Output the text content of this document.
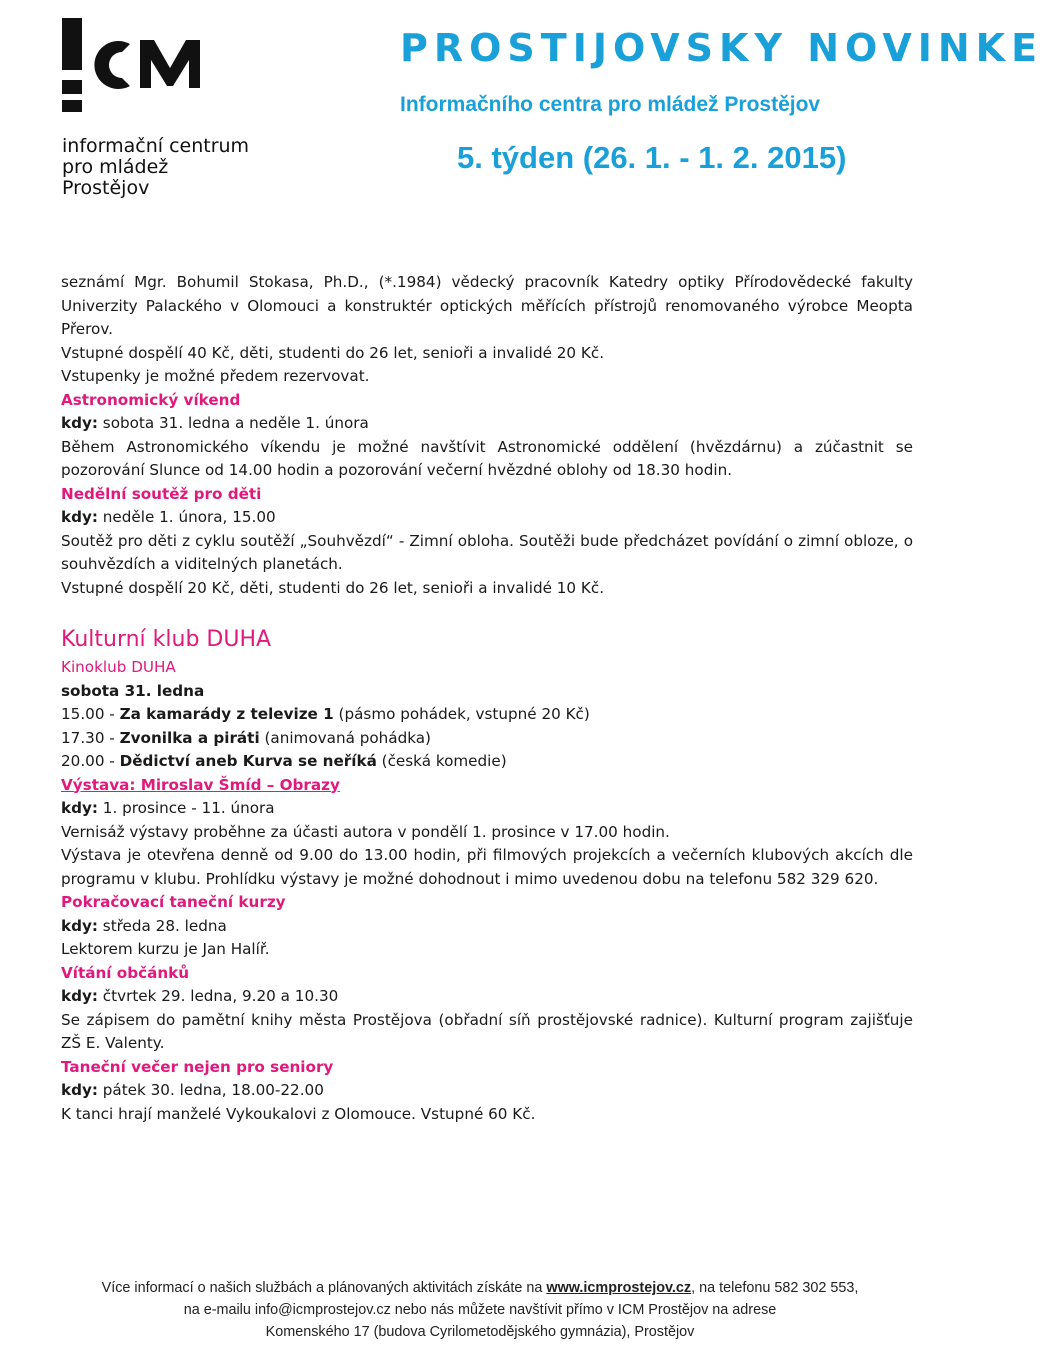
informační centrum
pro mládež
Prostějov
PROSTIJOVSKY NOVINKE
Informačního centra pro mládež Prostějov
5. týden (26. 1. - 1. 2. 2015)

seznámí Mgr. Bohumil Stokasa, Ph.D., (*.1984) vědecký pracovník Katedry optiky Přírodovědecké fakulty Univerzity Palackého v Olomouci a konstruktér optických měřících přístrojů renomovaného výrobce Meopta Přerov.

Vstupné dospělí 40 Kč, děti, studenti do 26 let, senioři a invalidé 20 Kč.

Vstupenky je možné předem rezervovat.

Astronomický víkend

kdy: sobota 31. ledna a neděle 1. února

Během Astronomického víkendu je možné navštívit Astronomické oddělení (hvězdárnu) a zúčastnit se pozorování Slunce od 14.00 hodin a pozorování večerní hvězdné oblohy od 18.30 hodin.

Nedělní soutěž pro děti

kdy: neděle 1. února, 15.00

Soutěž pro děti z cyklu soutěží „Souhvězdí“ - Zimní obloha. Soutěži bude předcházet povídání o zimní obloze, o souhvězdích a viditelných planetách.

Vstupné dospělí 20 Kč, děti, studenti do 26 let, senioři a invalidé 10 Kč.

Kulturní klub DUHA

Kinoklub DUHA

sobota 31. ledna

15.00 - Za kamarády z televize 1 (pásmo pohádek, vstupné 20 Kč)

17.30 - Zvonilka a piráti (animovaná pohádka)

20.00 - Dědictví aneb Kurva se neříká (česká komedie)

Výstava: Miroslav Šmíd – Obrazy

kdy: 1. prosince - 11. února

Vernisáž výstavy proběhne za účasti autora v pondělí 1. prosince v 17.00 hodin.

Výstava je otevřena denně od 9.00 do 13.00 hodin, při filmových projekcích a večerních klubových akcích dle programu v klubu. Prohlídku výstavy je možné dohodnout i mimo uvedenou dobu na telefonu 582 329 620.

Pokračovací taneční kurzy

kdy: středa 28. ledna

Lektorem kurzu je Jan Halíř.

Vítání občánků

kdy: čtvrtek 29. ledna, 9.20 a 10.30

Se zápisem do pamětní knihy města Prostějova (obřadní síň prostějovské radnice). Kulturní program zajišťuje ZŠ E. Valenty.

Taneční večer nejen pro seniory

kdy: pátek 30. ledna, 18.00-22.00

K tanci hrají manželé Vykoukalovi z Olomouce. Vstupné 60 Kč.

Více informací o našich službách a plánovaných aktivitách získáte na www.icmprostejov.cz, na telefonu 582 302 553,
na e-mailu info@icmprostejov.cz nebo nás můžete navštívit přímo v ICM Prostějov na adrese
Komenského 17 (budova Cyrilometodějského gymnázia), Prostějov
